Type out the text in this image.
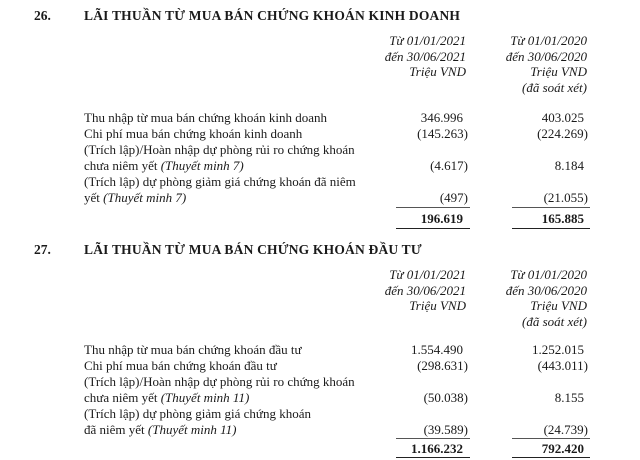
26. LÃI THUẦN TỪ MUA BÁN CHỨNG KHOÁN KINH DOANH
Từ 01/01/2021
đến 30/06/2021
Triệu VND
Từ 01/01/2020
đến 30/06/2020
Triệu VND
(đã soát xét)
Thu nhập từ mua bán chứng khoán kinh doanh	346.996	403.025
Chi phí mua bán chứng khoán kinh doanh	(145.263)	(224.269)
(Trích lập)/Hoàn nhập dự phòng rủi ro chứng khoán
chưa niêm yết (Thuyết minh 7)	(4.617)	8.184
(Trích lập) dự phòng giảm giá chứng khoán đã niêm
yết (Thuyết minh 7)	(497)	(21.055)
196.619	165.885
27. LÃI THUẦN TỪ MUA BÁN CHỨNG KHOÁN ĐẦU TƯ
Từ 01/01/2021
đến 30/06/2021
Triệu VND
Từ 01/01/2020
đến 30/06/2020
Triệu VND
(đã soát xét)
Thu nhập từ mua bán chứng khoán đầu tư	1.554.490	1.252.015
Chi phí mua bán chứng khoán đầu tư	(298.631)	(443.011)
(Trích lập)/Hoàn nhập dự phòng rủi ro chứng khoán
chưa niêm yết (Thuyết minh 11)	(50.038)	8.155
(Trích lập) dự phòng giảm giá chứng khoán
đã niêm yết (Thuyết minh 11)	(39.589)	(24.739)
1.166.232	792.420
